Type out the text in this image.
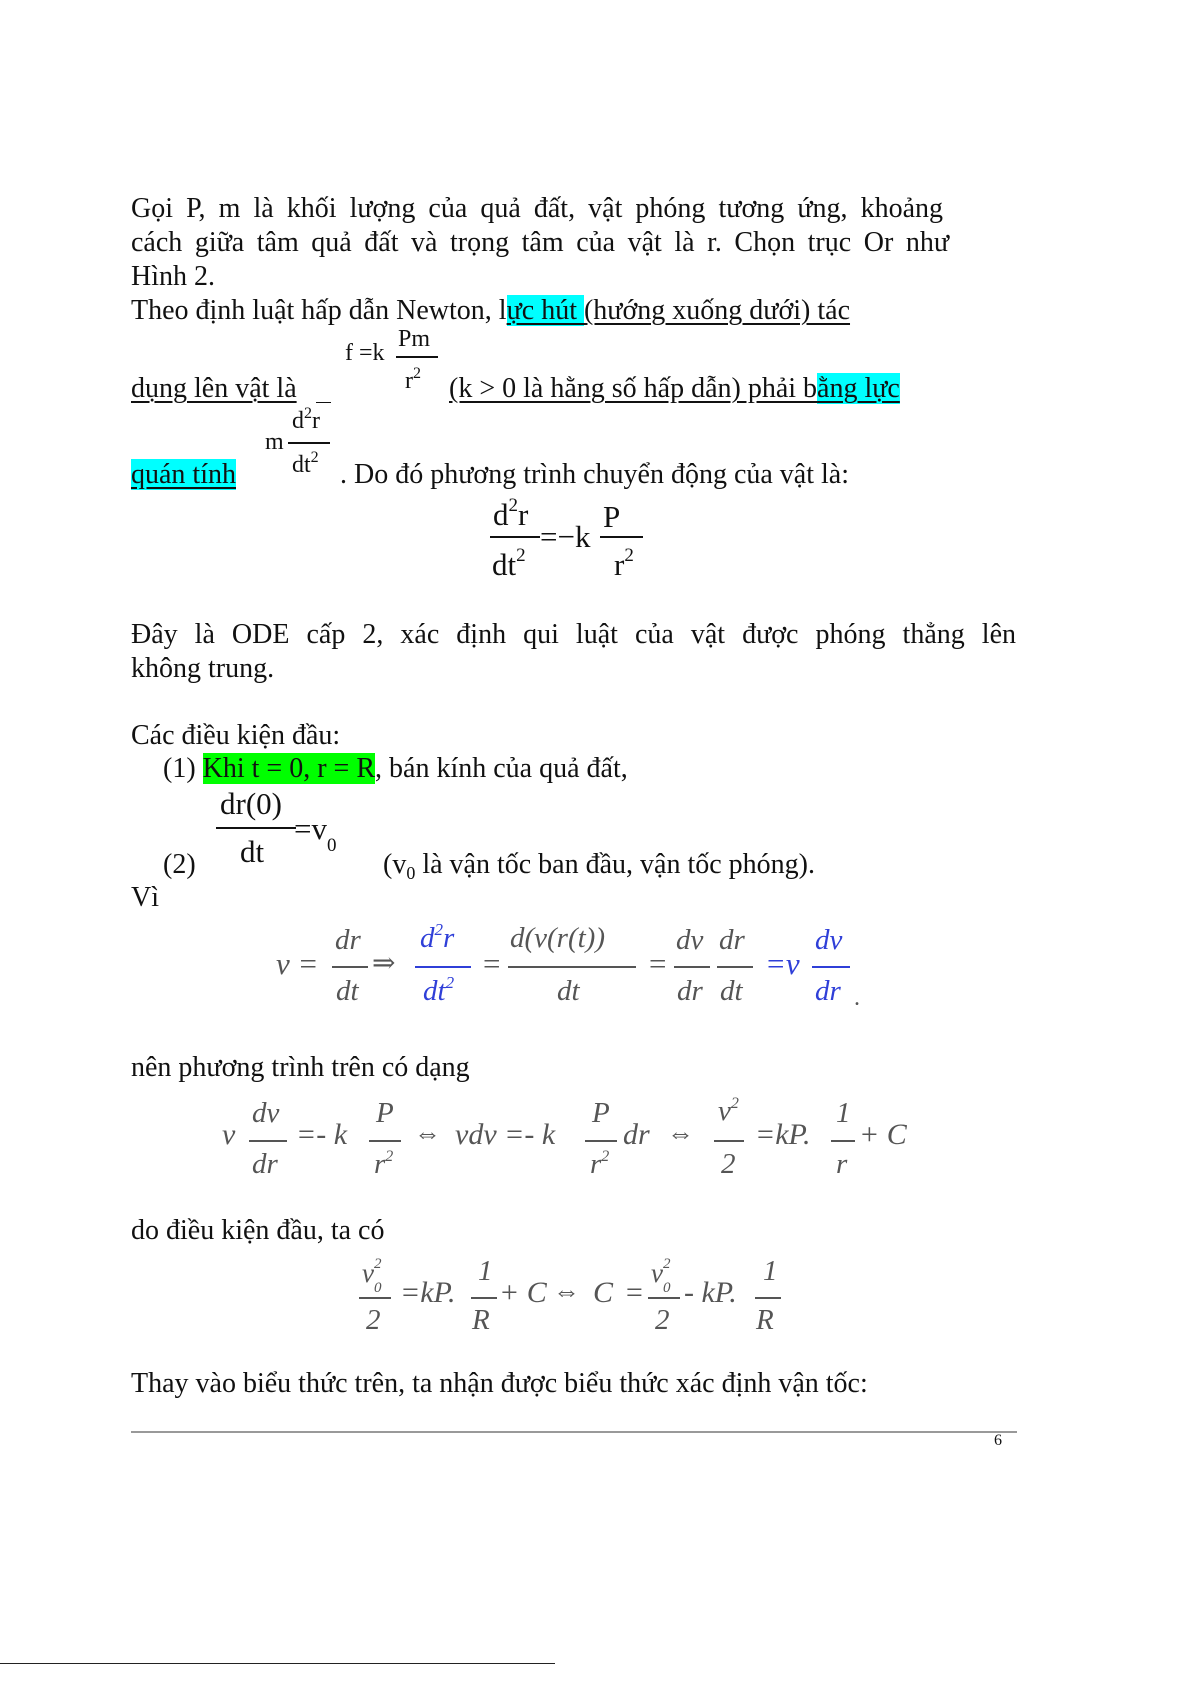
Gọi P, m là khối lượng của quả đất, vật phóng tương ứng, khoảng
cách giữa tâm quả đất và trọng tâm của vật là r. Chọn trục Or như
Hình 2.
Theo định luật hấp dẫn Newton, lực hút (hướng xuống dưới) tác
f =k
Pm
$r^2$
dụng lên vật là	(k > 0 là hằng số hấp dẫn) phải bằng lực
m
$d^2r$
$dt^2$
quán tính	. Do đó phương trình chuyển động của vật là:
$d^2r$
$dt^2$
=−k
P
$r^2$
Đây là ODE cấp 2, xác định qui luật của vật được phóng thẳng lên
không trung.
Các điều kiện đầu:
(1) Khi t = 0, r = R, bán kính của quả đất,
dr(0)
dt
$=v_0$
(2)	($v_0$ là vận tốc ban đầu, vận tốc phóng).
Vì
v =
dr
dt
⇒
$d^2r$
$dt^2$
=
d(v(r(t))
dt
=
dv
dr
dr
dt
=v
dv
dr .
nên phương trình trên có dạng
v
dv
dr
=- k
P
$r^2$
⇔ vdv =- k
P
$r^2$
dr ⇔
$v^2$
2
=kP.
1
r
+ C
do điều kiện đầu, ta có
v 2
0
2
=kP.
1
R
+ C ⇔ C =
v 2
0
2
- kP.
1
R
Thay vào biểu thức trên, ta nhận được biểu thức xác định vận tốc:
6
